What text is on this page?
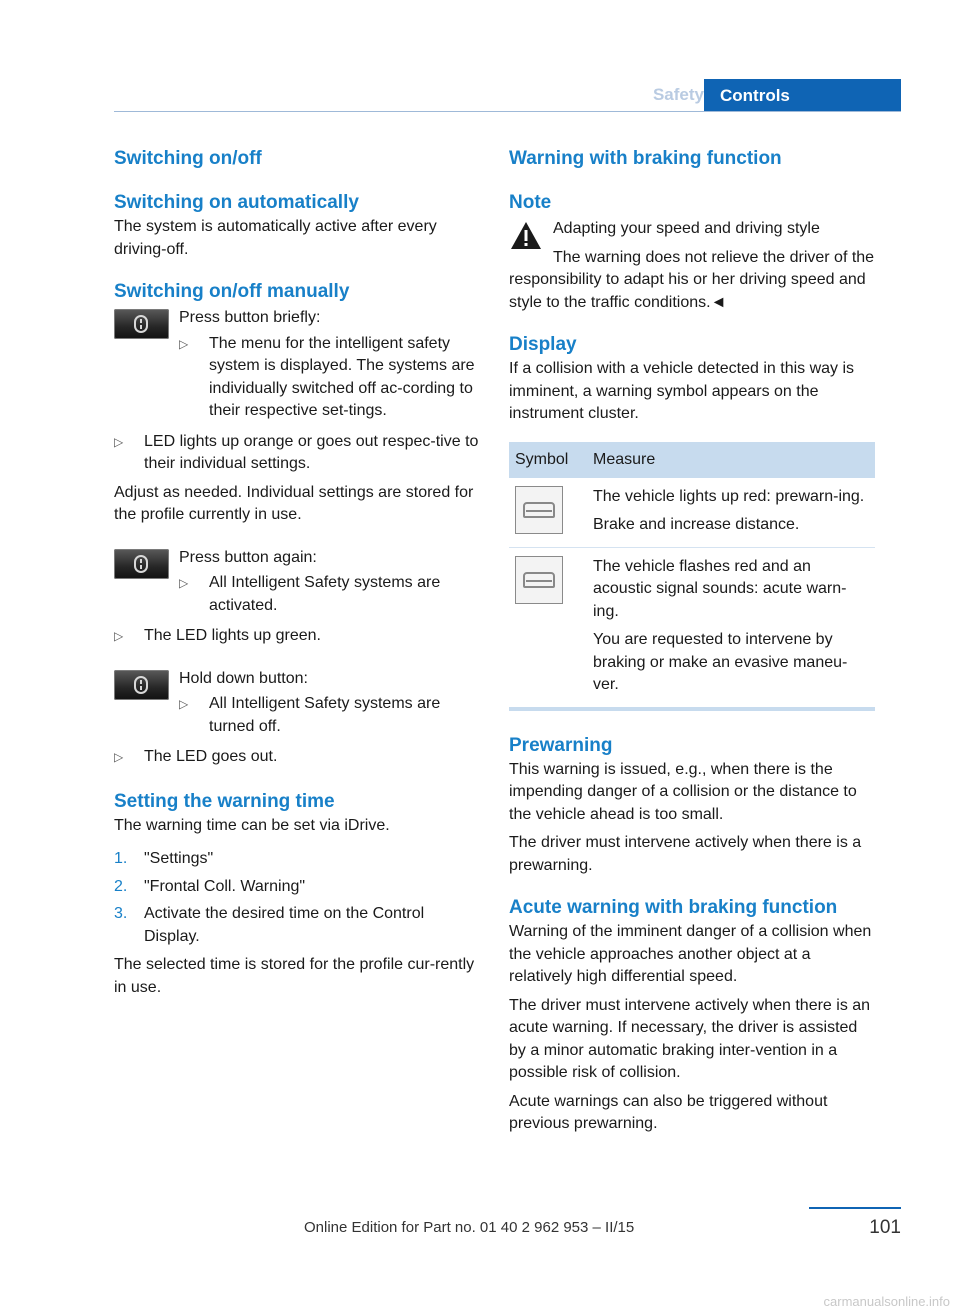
Safety Controls
Switching on/off
Switching on automatically

The system is automatically active after every driving-off.

Switching on/off manually

Press button briefly:

▷ The menu for the intelligent safety system is displayed. The systems are individually switched off ac-cording to their respective set-tings.
▷ LED lights up orange or goes out respec-tive to their individual settings.

Adjust as needed. Individual settings are stored for the profile currently in use.

Press button again:

▷ All Intelligent Safety systems are activated.
▷ The LED lights up green.

Hold down button:

▷ All Intelligent Safety systems are turned off.
▷ The LED goes out.
Setting the warning time

The warning time can be set via iDrive.

1. "Settings"
2. "Frontal Coll. Warning"
3. Activate the desired time on the Control Display.

The selected time is stored for the profile cur-rently in use.

Warning with braking function
Note

Adapting your speed and driving style

The warning does not relieve the driver of the responsibility to adapt his or her driving speed and style to the traffic conditions.◄

Display

If a collision with a vehicle detected in this way is imminent, a warning symbol appears on the instrument cluster.

Symbol	Measure

	The vehicle lights up red: prewarn-ing.
Brake and increase distance.

	The vehicle flashes red and an acoustic signal sounds: acute warn-ing.
You are requested to intervene by braking or make an evasive maneu-ver.
Prewarning

This warning is issued, e.g., when there is the impending danger of a collision or the distance to the vehicle ahead is too small.

The driver must intervene actively when there is a prewarning.

Acute warning with braking function

Warning of the imminent danger of a collision when the vehicle approaches another object at a relatively high differential speed.

The driver must intervene actively when there is an acute warning. If necessary, the driver is assisted by a minor automatic braking inter-vention in a possible risk of collision.

Acute warnings can also be triggered without previous prewarning.

Online Edition for Part no. 01 40 2 962 953 – II/15	101
carmanualsonline.info
